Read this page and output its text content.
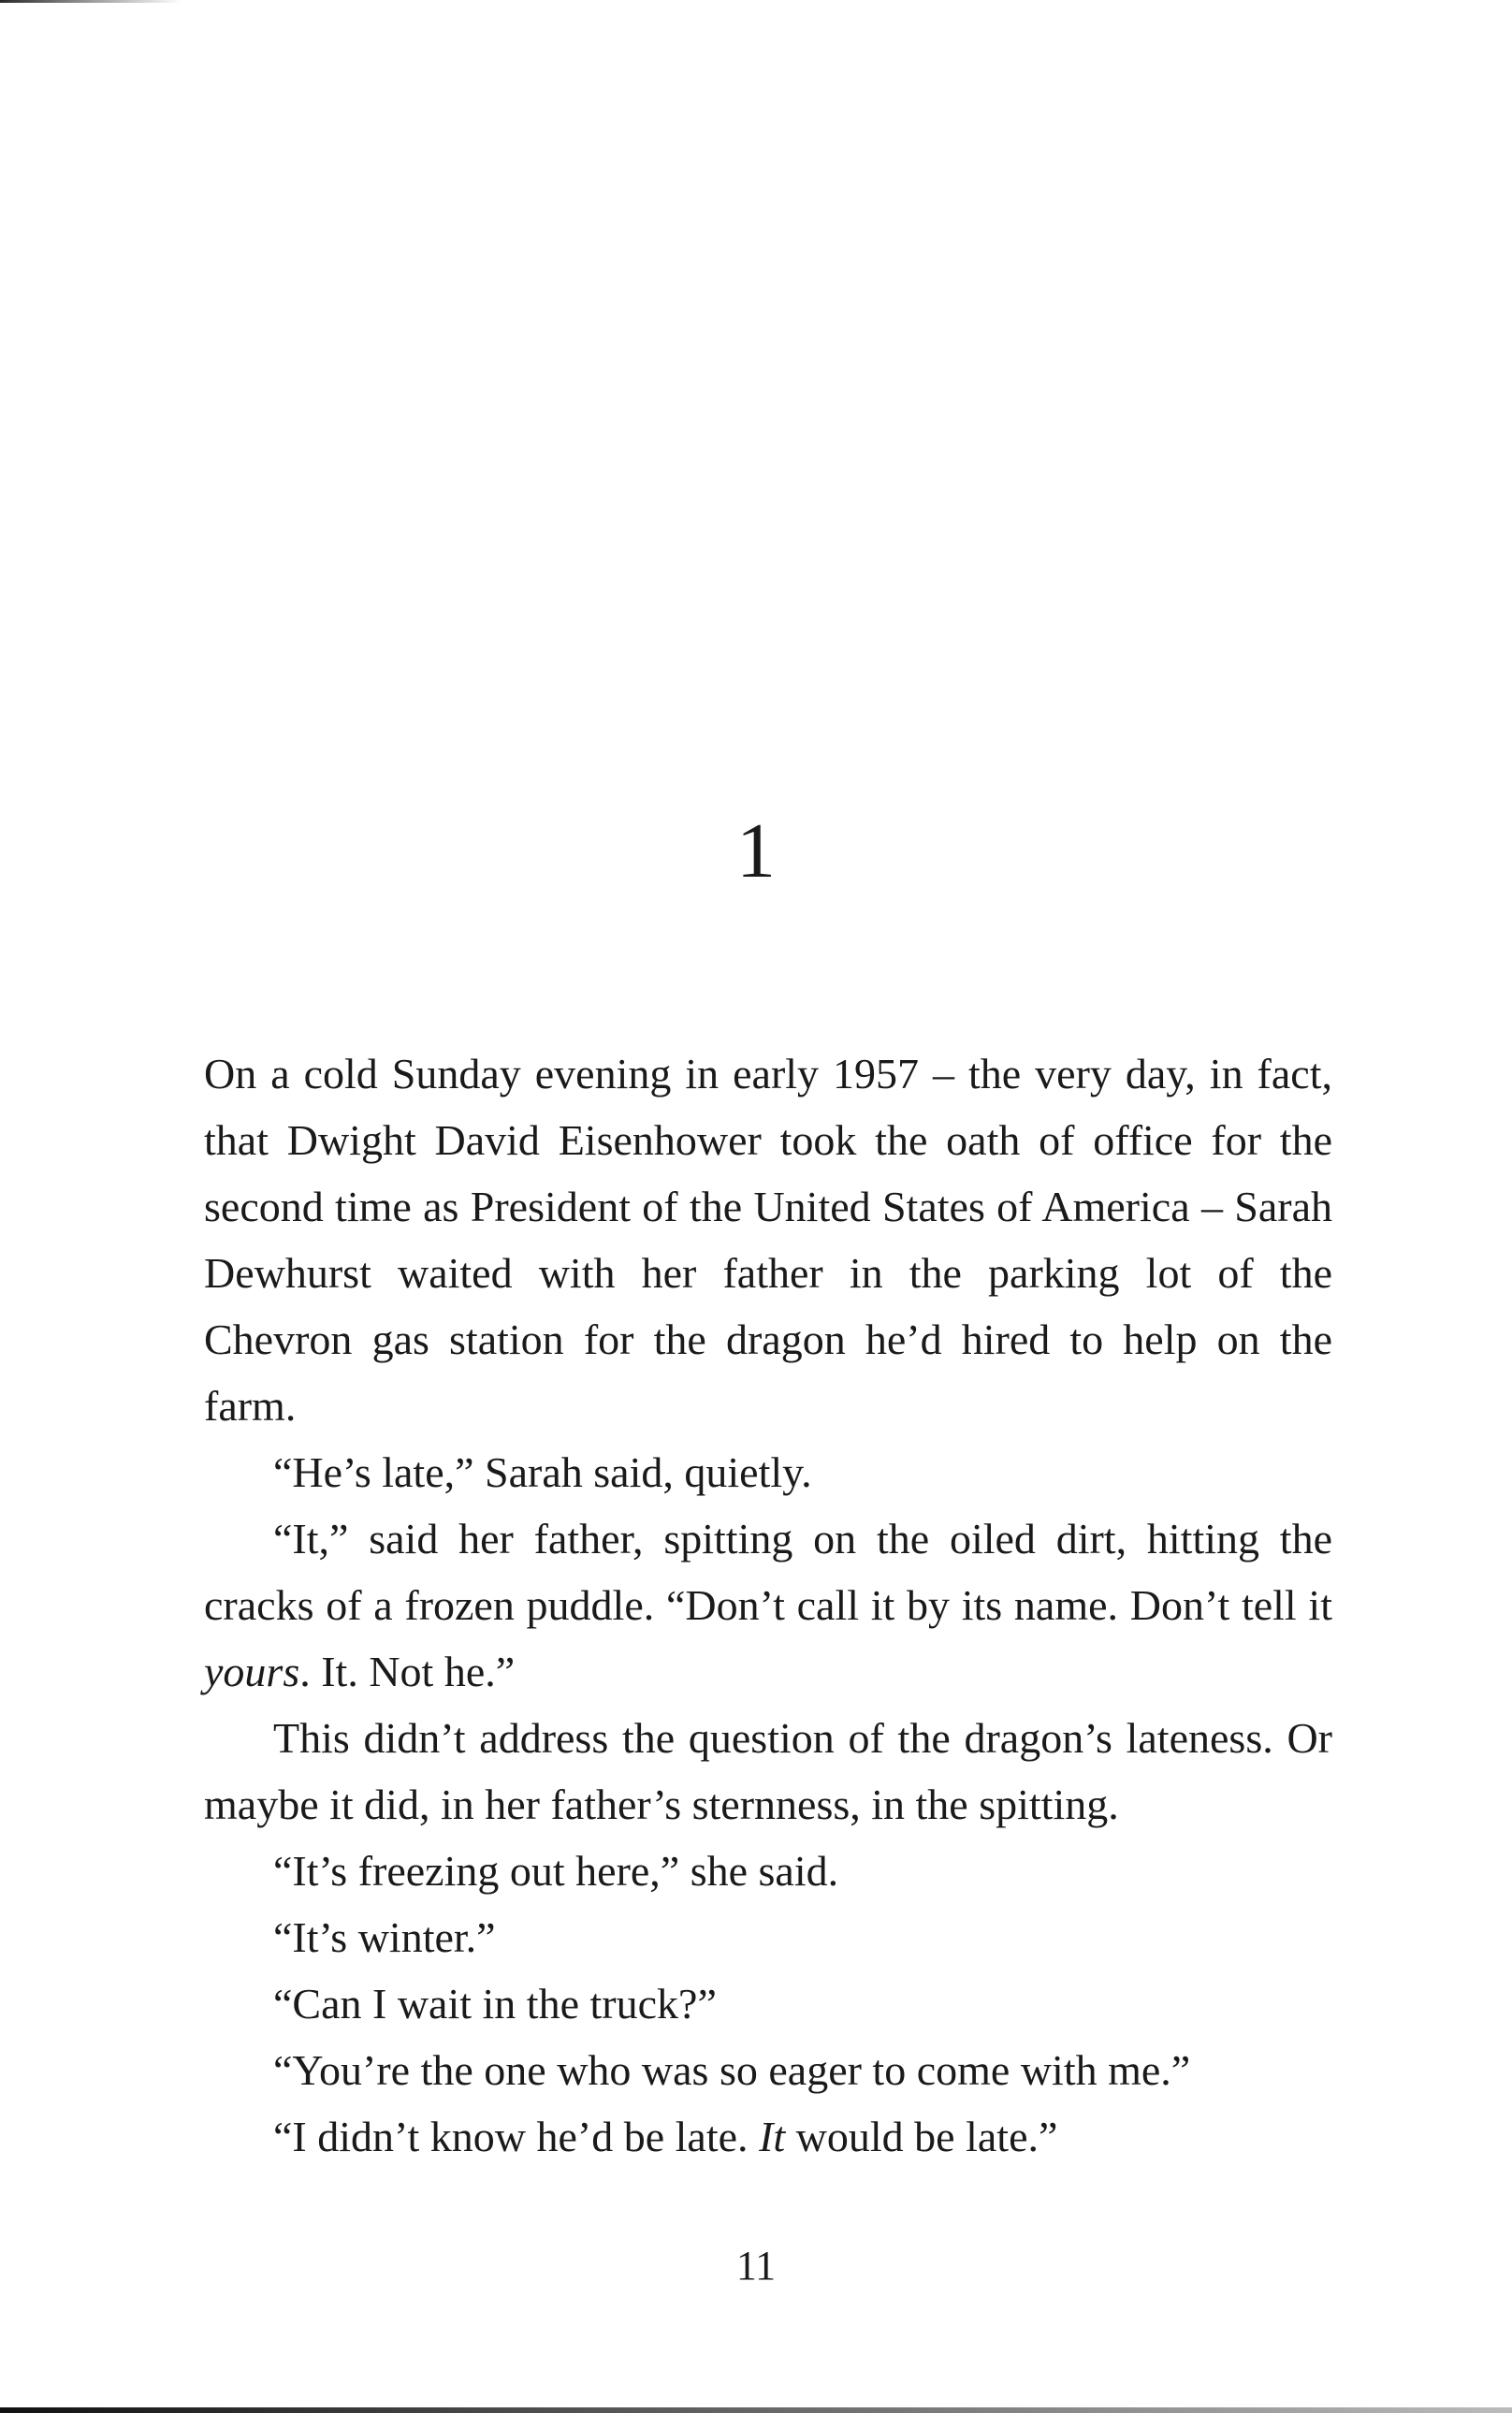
1

On a cold Sunday evening in early 1957 – the very day, in fact, that Dwight David Eisenhower took the oath of office for the second time as President of the United States of America – Sarah Dewhurst waited with her father in the parking lot of the Chevron gas station for the dragon he’d hired to help on the farm.

“He’s late,” Sarah said, quietly.

“It,” said her father, spitting on the oiled dirt, hitting the cracks of a frozen puddle. “Don’t call it by its name. Don’t tell it yours. It. Not he.”

This didn’t address the question of the dragon’s lateness. Or maybe it did, in her father’s sternness, in the spitting.

“It’s freezing out here,” she said.

“It’s winter.”

“Can I wait in the truck?”

“You’re the one who was so eager to come with me.”

“I didn’t know he’d be late. It would be late.”

11
